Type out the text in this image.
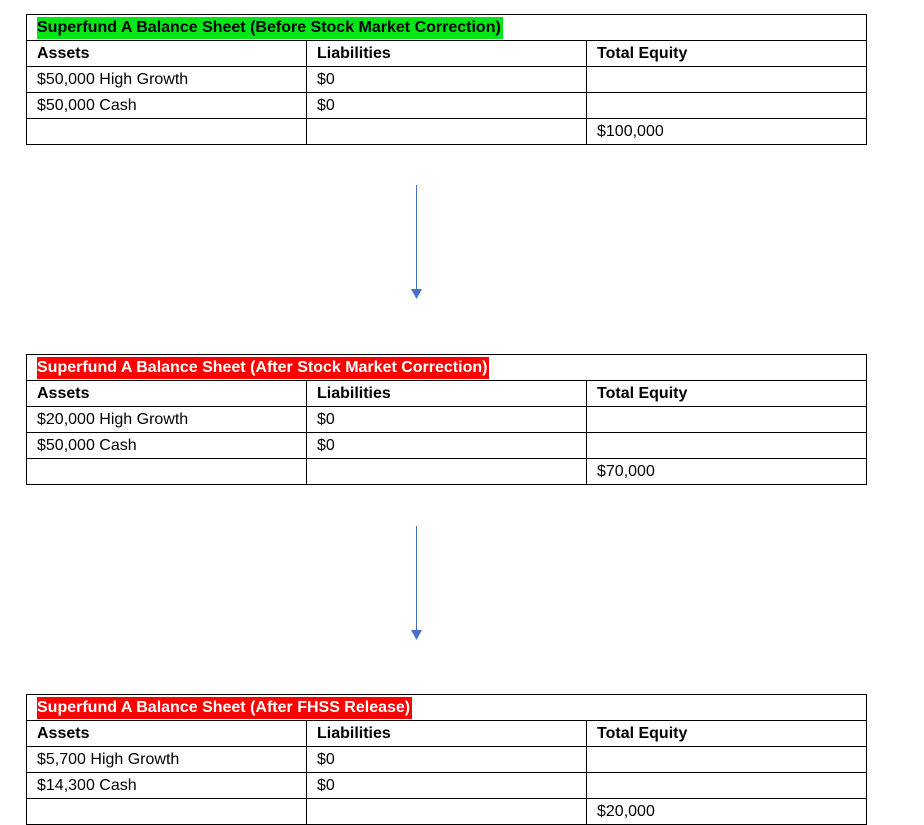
Superfund A Balance Sheet (Before Stock Market Correction)		
Assets	Liabilities	Total Equity
$50,000 High Growth	$0	
$50,000 Cash	$0	
		$100,000
Superfund A Balance Sheet (After Stock Market Correction)		
Assets	Liabilities	Total Equity
$20,000 High Growth	$0	
$50,000 Cash	$0	
		$70,000
Superfund A Balance Sheet (After FHSS Release)		
Assets	Liabilities	Total Equity
$5,700 High Growth	$0	
$14,300 Cash	$0	
		$20,000
